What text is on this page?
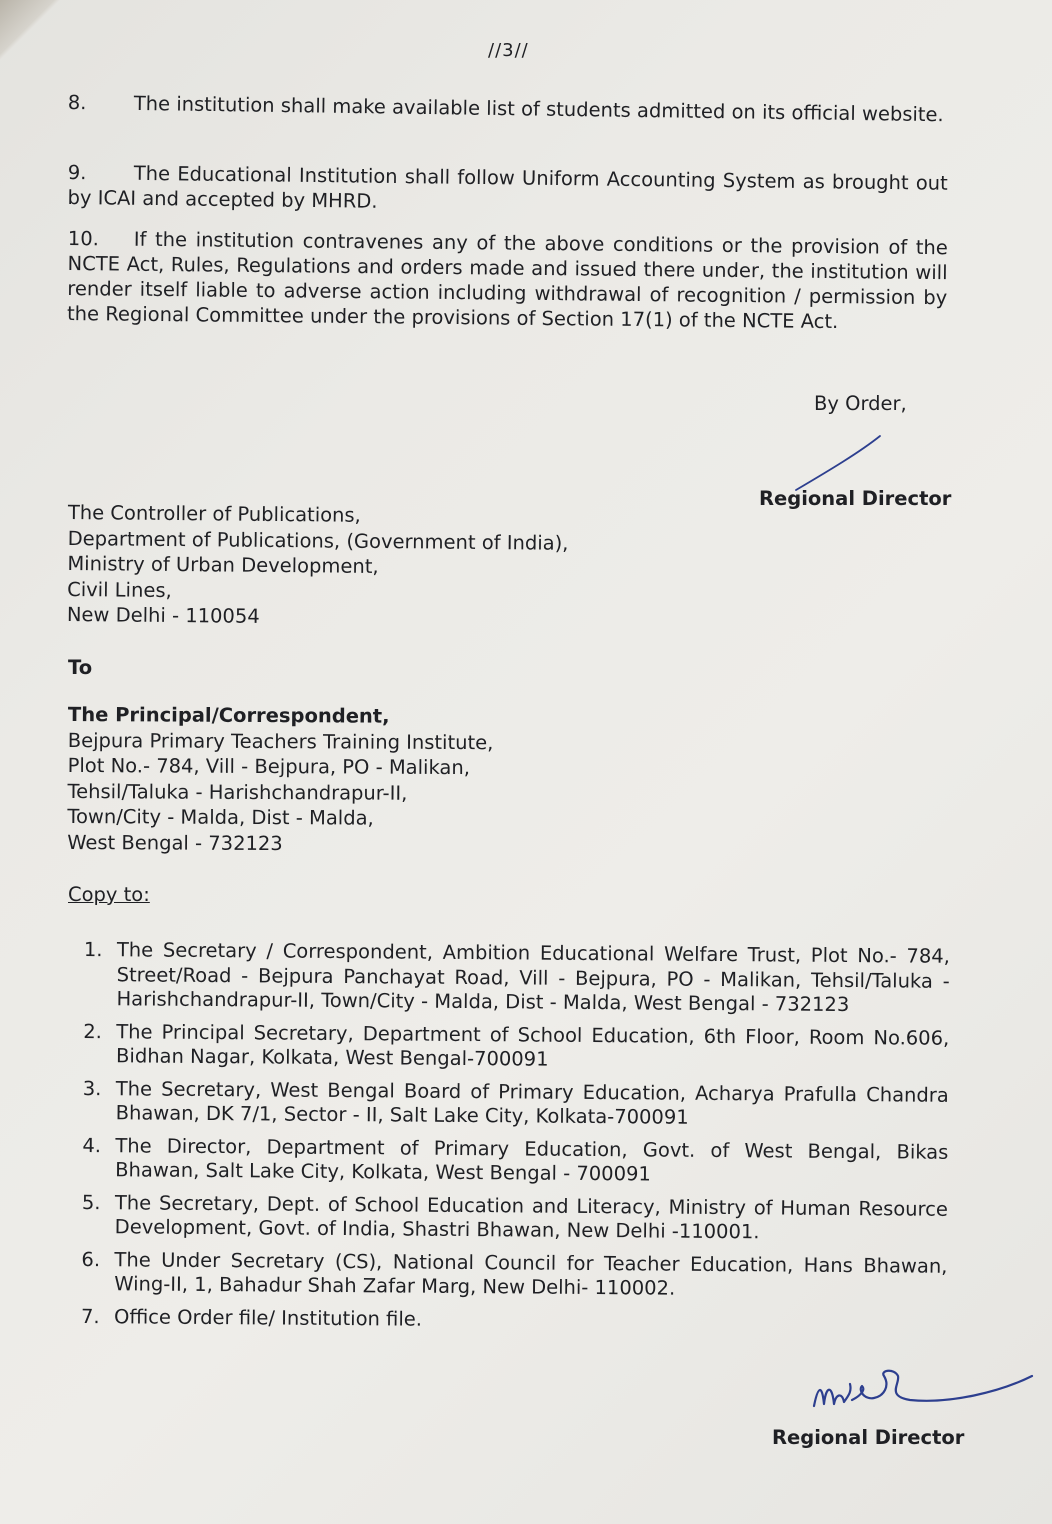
//3//
8. The institution shall make available list of students admitted on its official website.
9. The Educational Institution shall follow Uniform Accounting System as brought out by ICAI and accepted by MHRD.
10. If the institution contravenes any of the above conditions or the provision of the NCTE Act, Rules, Regulations and orders made and issued there under, the institution will render itself liable to adverse action including withdrawal of recognition / permission by the Regional Committee under the provisions of Section 17(1) of the NCTE Act.
By Order,
Regional Director
The Controller of Publications,
Department of Publications, (Government of India),
Ministry of Urban Development,
Civil Lines,
New Delhi - 110054
To
The Principal/Correspondent,
Bejpura Primary Teachers Training Institute,
Plot No.- 784, Vill - Bejpura, PO - Malikan,
Tehsil/Taluka - Harishchandrapur-II,
Town/City - Malda, Dist - Malda,
West Bengal - 732123
Copy to:
1. The Secretary / Correspondent, Ambition Educational Welfare Trust, Plot No.- 784, Street/Road - Bejpura Panchayat Road, Vill - Bejpura, PO - Malikan, Tehsil/Taluka - Harishchandrapur-II, Town/City - Malda, Dist - Malda, West Bengal - 732123
2. The Principal Secretary, Department of School Education, 6th Floor, Room No.606, Bidhan Nagar, Kolkata, West Bengal-700091
3. The Secretary, West Bengal Board of Primary Education, Acharya Prafulla Chandra Bhawan, DK 7/1, Sector - II, Salt Lake City, Kolkata-700091
4. The Director, Department of Primary Education, Govt. of West Bengal, Bikas Bhawan, Salt Lake City, Kolkata, West Bengal - 700091
5. The Secretary, Dept. of School Education and Literacy, Ministry of Human Resource Development, Govt. of India, Shastri Bhawan, New Delhi -110001.
6. The Under Secretary (CS), National Council for Teacher Education, Hans Bhawan, Wing-II, 1, Bahadur Shah Zafar Marg, New Delhi- 110002.
7. Office Order file/ Institution file.
Regional Director
